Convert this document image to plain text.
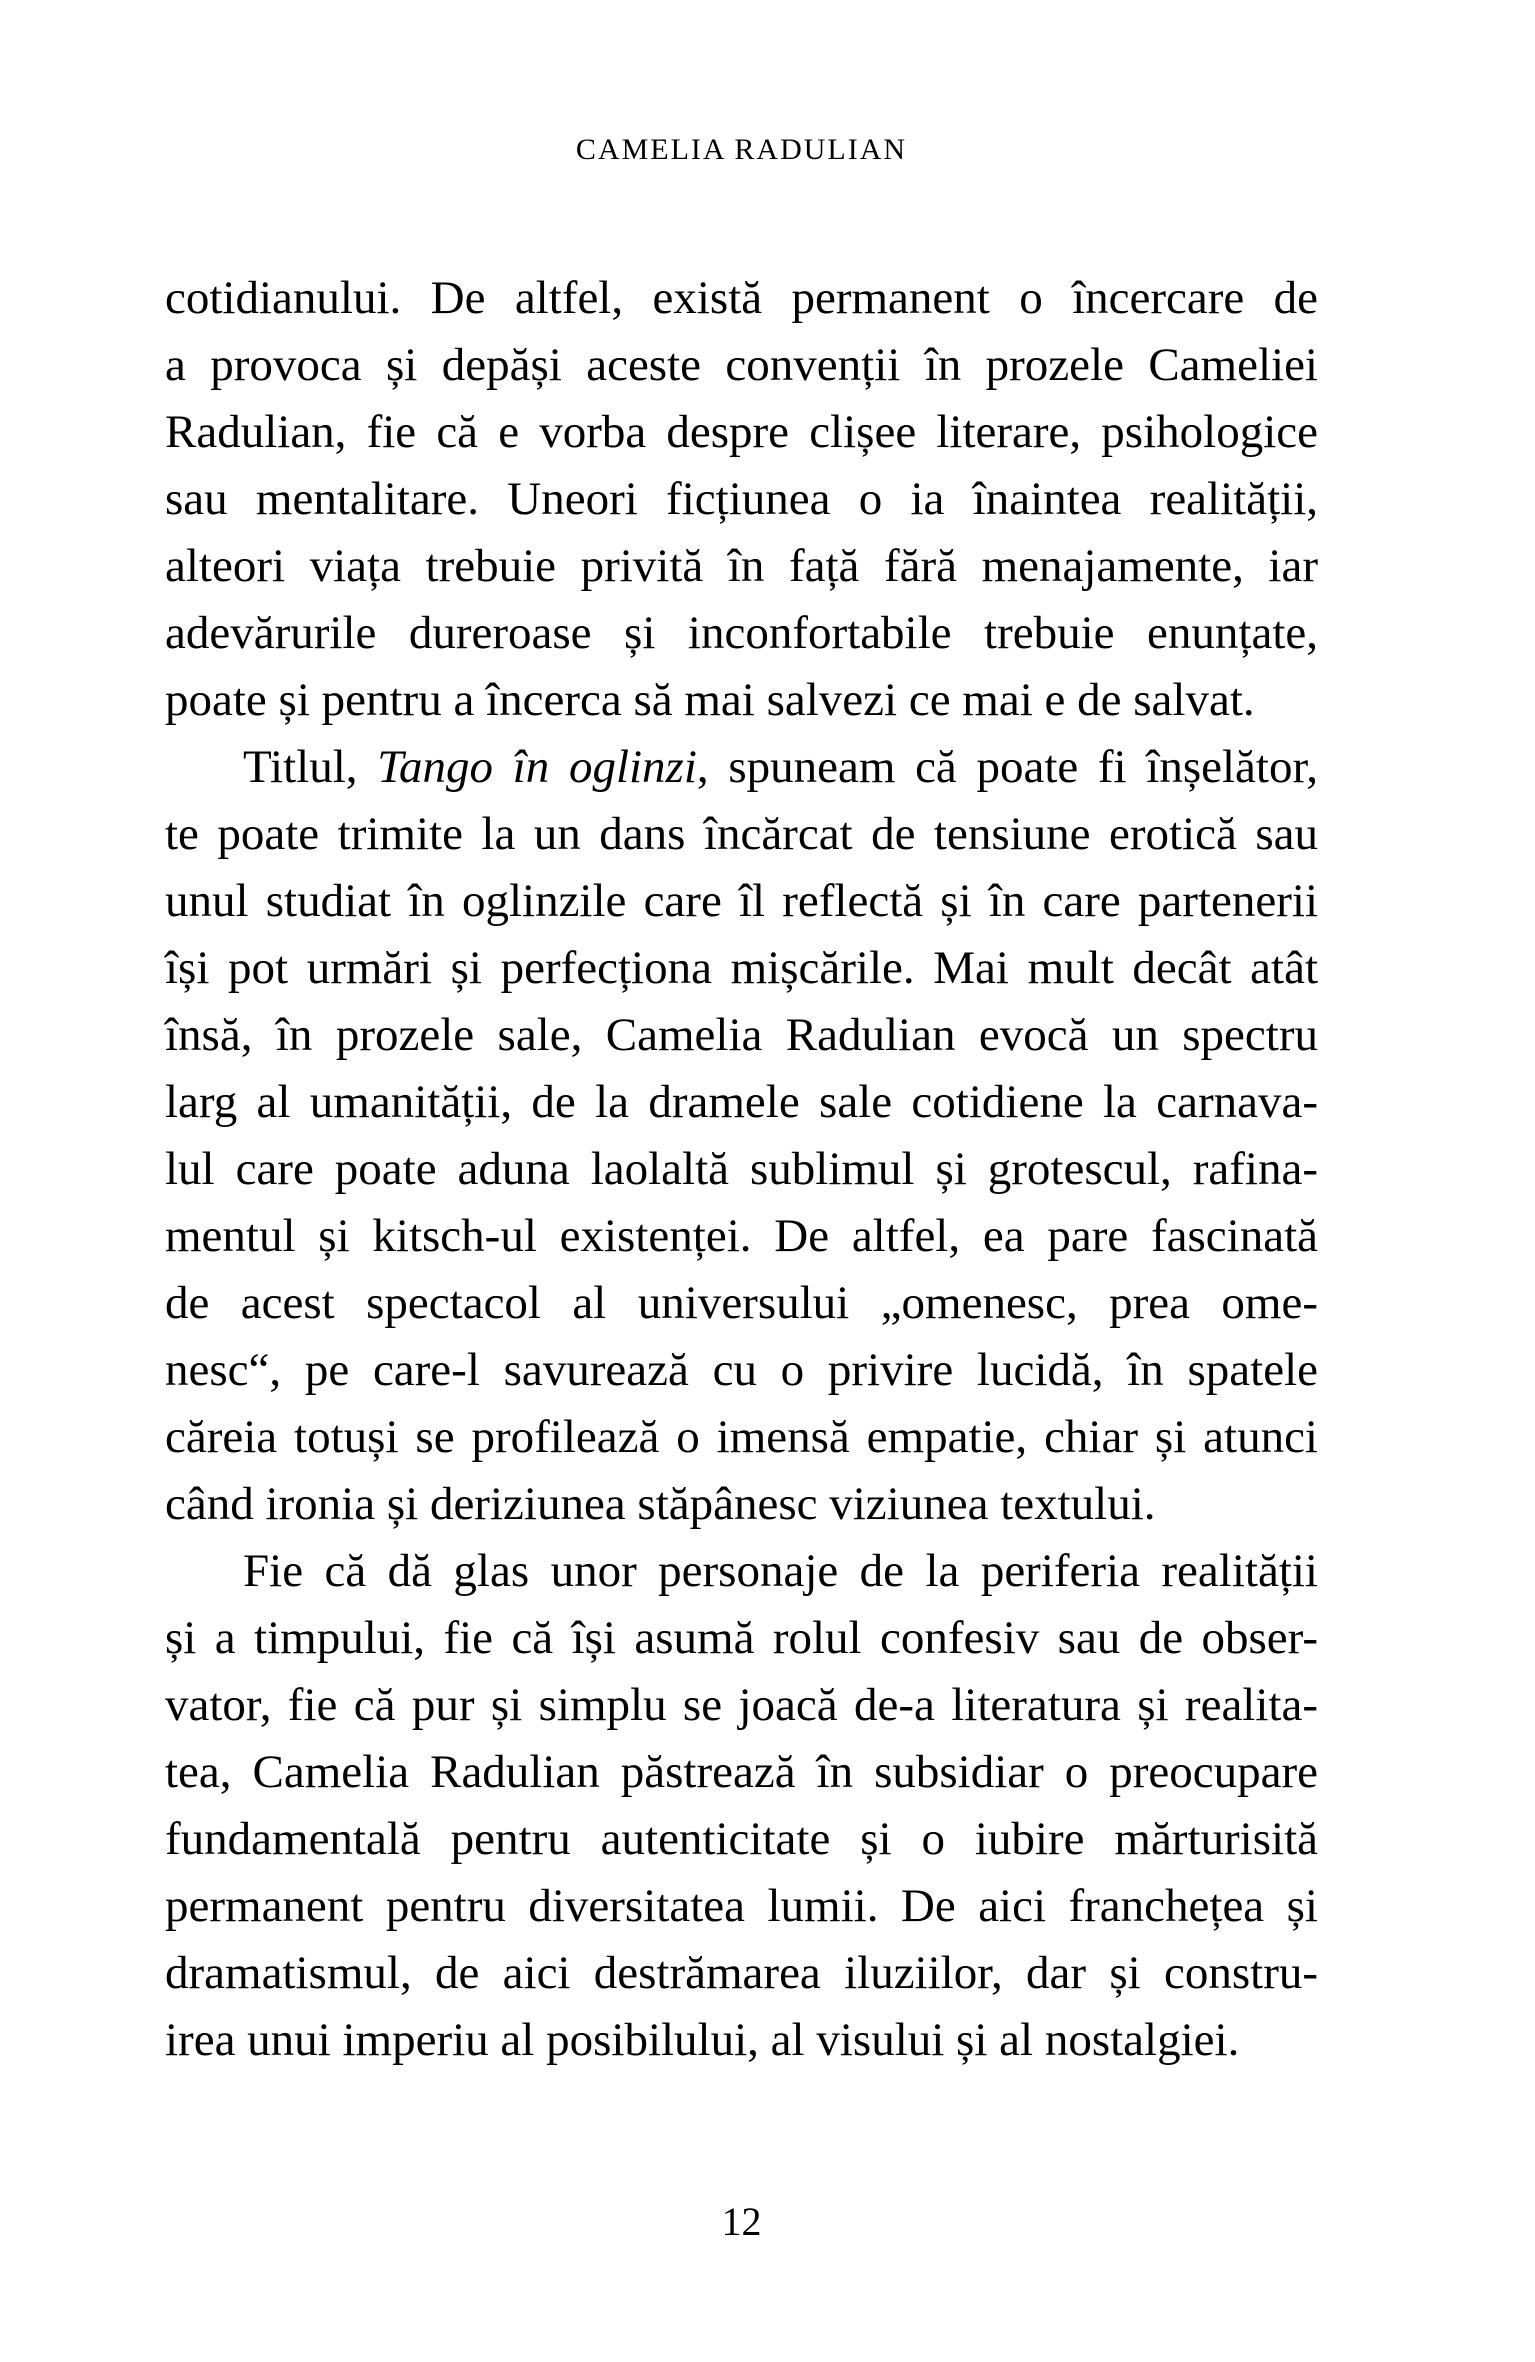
CAMELIA RADULIAN
cotidianului. De altfel, există permanent o încercare de
a provoca și depăși aceste convenții în prozele Cameliei
Radulian, fie că e vorba despre clișee literare, psihologice
sau mentalitare. Uneori ficțiunea o ia înaintea realității,
alteori viața trebuie privită în față fără menajamente, iar
adevărurile dureroase și inconfortabile trebuie enunțate,
poate și pentru a încerca să mai salvezi ce mai e de salvat.
Titlul, Tango în oglinzi, spuneam că poate fi înșelător,
te poate trimite la un dans încărcat de tensiune erotică sau
unul studiat în oglinzile care îl reflectă și în care partenerii
își pot urmări și perfecționa mișcările. Mai mult decât atât
însă, în prozele sale, Camelia Radulian evocă un spectru
larg al umanității, de la dramele sale cotidiene la carnava-
lul care poate aduna laolaltă sublimul și grotescul, rafina-
mentul și kitsch-ul existenței. De altfel, ea pare fascinată
de acest spectacol al universului „omenesc, prea ome-
nesc“, pe care-l savurează cu o privire lucidă, în spatele
căreia totuși se profilează o imensă empatie, chiar și atunci
când ironia și deriziunea stăpânesc viziunea textului.
Fie că dă glas unor personaje de la periferia realității
și a timpului, fie că își asumă rolul confesiv sau de obser-
vator, fie că pur și simplu se joacă de-a literatura și realita-
tea, Camelia Radulian păstrează în subsidiar o preocupare
fundamentală pentru autenticitate și o iubire mărturisită
permanent pentru diversitatea lumii. De aici franchețea și
dramatismul, de aici destrămarea iluziilor, dar și constru-
irea unui imperiu al posibilului, al visului și al nostalgiei.
12
